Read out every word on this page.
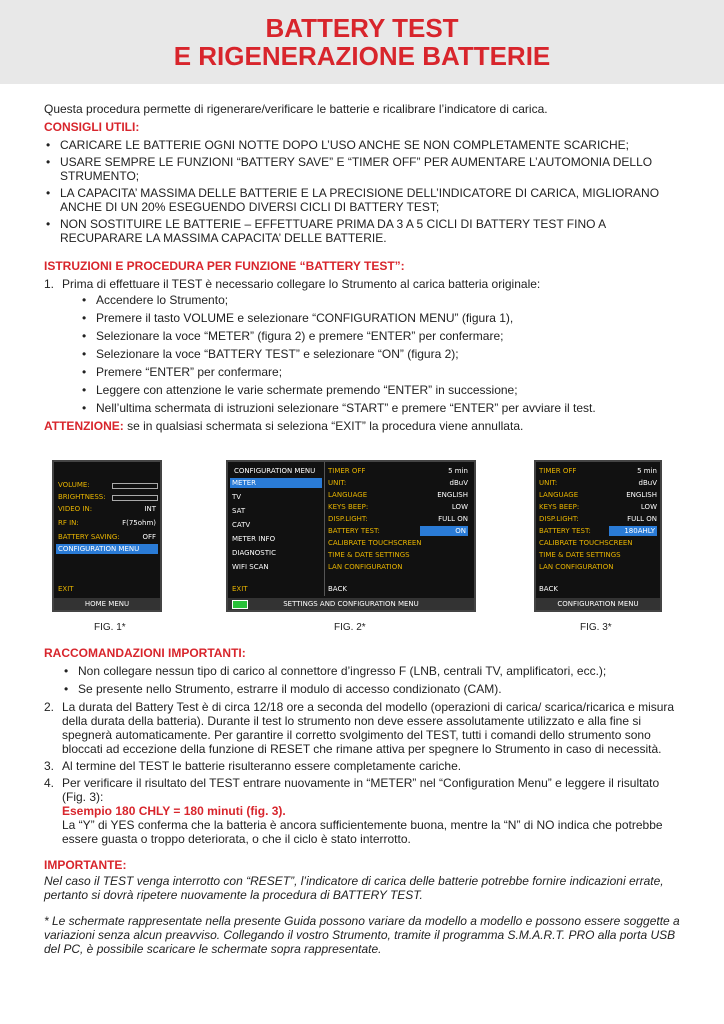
BATTERY TEST
E RIGENERAZIONE BATTERIE

Questa procedura permette di rigenerare/verificare le batterie e ricalibrare l’indicatore di carica.

CONSIGLI UTILI:

• CARICARE LE BATTERIE OGNI NOTTE DOPO L’USO ANCHE SE NON COMPLETAMENTE SCARICHE;
• USARE SEMPRE LE FUNZIONI “BATTERY SAVE” E “TIMER OFF” PER AUMENTARE L’AUTOMONIA DELLO STRUMENTO;
• LA CAPACITA’ MASSIMA DELLE BATTERIE E LA PRECISIONE DELL’INDICATORE DI CARICA, MIGLIORANO ANCHE DI UN 20% ESEGUENDO DIVERSI CICLI DI BATTERY TEST;
• NON SOSTITUIRE LE BATTERIE – EFFETTUARE PRIMA DA 3 A 5 CICLI DI BATTERY TEST FINO A RECUPARARE LA MASSIMA CAPACITA’ DELLE BATTERIE.

ISTRUZIONI E PROCEDURA PER FUNZIONE “BATTERY TEST”:

1. Prima di effettuare il TEST è necessario collegare lo Strumento al carica batteria originale:
• Accendere lo Strumento;
• Premere il tasto VOLUME e selezionare “CONFIGURATION MENU” (figura 1),
• Selezionare la voce “METER” (figura 2) e premere “ENTER” per confermare;
• Selezionare la voce “BATTERY TEST” e selezionare “ON” (figura 2);
• Premere “ENTER” per confermare;
• Leggere con attenzione le varie schermate premendo “ENTER” in successione;
• Nell’ultima schermata di istruzioni selezionare “START” e premere “ENTER” per avviare il test.

ATTENZIONE: se in qualsiasi schermata si seleziona “EXIT” la procedura viene annullata.

VOLUME:
BRIGHTNESS:
VIDEO IN:	INT
RF IN:	F(75ohm)
BATTERY SAVING:	OFF
CONFIGURATION MENU
EXIT
HOME MENU
FIG. 1*
CONFIGURATION MENU
METER
TV
SAT
CATV
METER INFO
DIAGNOSTIC
WIFI SCAN
EXIT
TIMER OFF	5 min
UNIT:	dBuV
LANGUAGE	ENGLISH
KEYS BEEP:	LOW
DISP.LIGHT:	FULL ON
BATTERY TEST:	ON
CALIBRATE TOUCHSCREEN
TIME & DATE SETTINGS
LAN CONFIGURATION
BACK
SETTINGS AND CONFIGURATION MENU
FIG. 2*
TIMER OFF	5 min
UNIT:	dBuV
LANGUAGE	ENGLISH
KEYS BEEP:	LOW
DISP.LIGHT:	FULL ON
BATTERY TEST:	180AHLY
CALIBRATE TOUCHSCREEN
TIME & DATE SETTINGS
LAN CONFIGURATION
BACK
CONFIGURATION MENU
FIG. 3*

RACCOMANDAZIONI IMPORTANTI:

• Non collegare nessun tipo di carico al connettore d’ingresso F (LNB, centrali TV, amplificatori, ecc.);
• Se presente nello Strumento, estrarre il modulo di accesso condizionato (CAM).
2. La durata del Battery Test è di circa 12/18 ore a seconda del modello (operazioni di carica/ scarica/ricarica e misura della durata della batteria). Durante il test lo strumento non deve essere assolutamente utilizzato e alla fine si spegnerà automaticamente. Per garantire il corretto svolgimento del TEST, tutti i comandi dello strumento sono bloccati ad eccezione della funzione di RESET che rimane attiva per spegnere lo Strumento in caso di necessità.
3. Al termine del TEST le batterie risulteranno essere completamente cariche.
4. Per verificare il risultato del TEST entrare nuovamente in “METER” nel “Configuration Menu” e leggere il risultato (Fig. 3):
Esempio 180 CHLY = 180 minuti (fig. 3).
La “Y” di YES conferma che la batteria è ancora sufficientemente buona, mentre la “N” di NO indica che potrebbe essere guasta o troppo deteriorata, o che il ciclo è stato interrotto.

IMPORTANTE:

Nel caso il TEST venga interrotto con “RESET”, l’indicatore di carica delle batterie potrebbe fornire indicazioni errate, pertanto si dovrà ripetere nuovamente la procedura di BATTERY TEST.

* Le schermate rappresentate nella presente Guida possono variare da modello a modello e possono essere soggette a variazioni senza alcun preavviso. Collegando il vostro Strumento, tramite il programma S.M.A.R.T. PRO alla porta USB del PC, è possibile scaricare le schermate sopra rappresentate.
